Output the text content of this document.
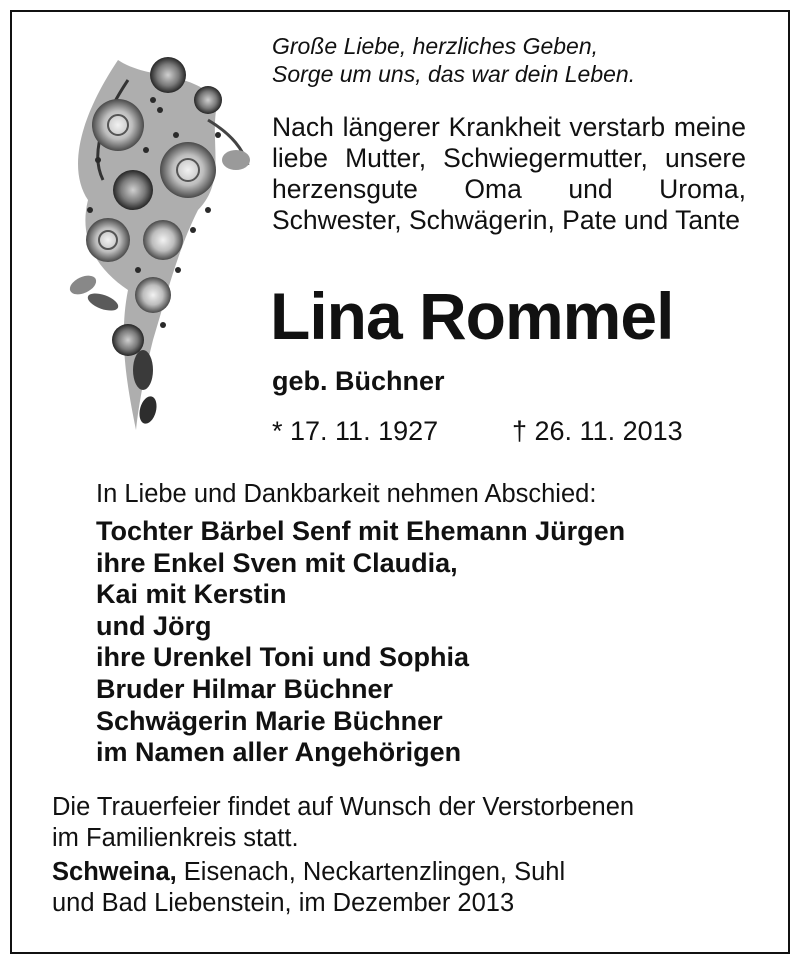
Große Liebe, herzliches Geben,
Sorge um uns, das war dein Leben.
Nach längerer Krankheit verstarb meine liebe Mutter, Schwiegermutter, unsere herzensgute Oma und Uroma, Schwester, Schwägerin, Pate und Tante
Lina Rommel
geb. Büchner
* 17. 11. 1927	† 26. 11. 2013
In Liebe und Dankbarkeit nehmen Abschied:
Tochter Bärbel Senf mit Ehemann Jürgen
ihre Enkel Sven mit Claudia,
Kai mit Kerstin
und Jörg
ihre Urenkel Toni und Sophia
Bruder Hilmar Büchner
Schwägerin Marie Büchner
im Namen aller Angehörigen
Die Trauerfeier findet auf Wunsch der Verstorbenen
im Familienkreis statt.
Schweina, Eisenach, Neckartenzlingen, Suhl
und Bad Liebenstein, im Dezember 2013
